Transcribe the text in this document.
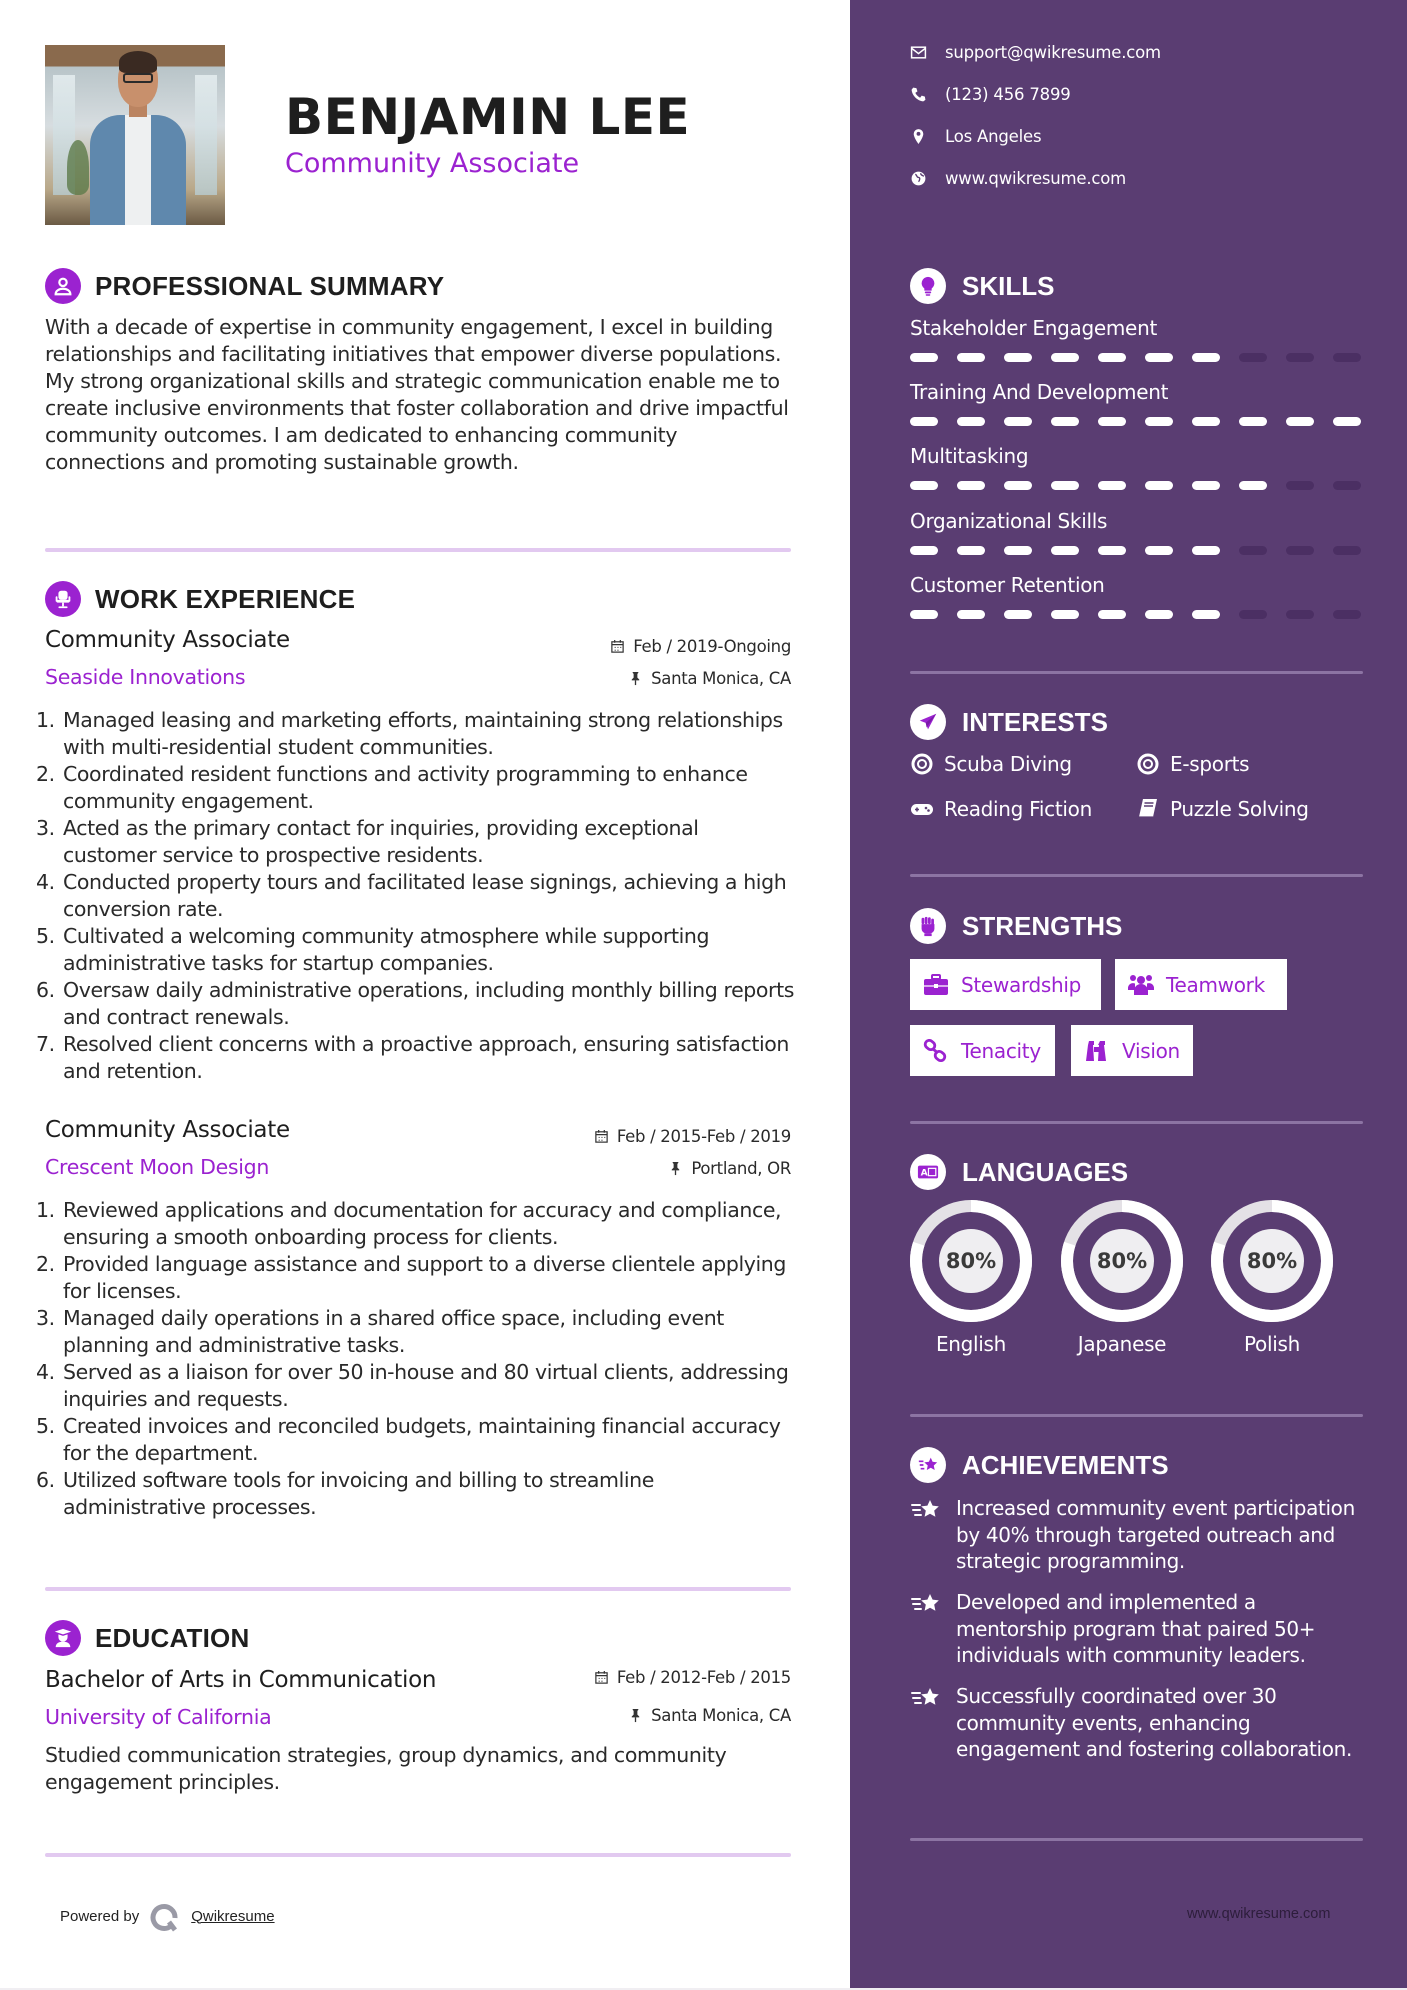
BENJAMIN LEE
Community Associate
PROFESSIONAL SUMMARY
With a decade of expertise in community engagement, I excel in building relationships and facilitating initiatives that empower diverse populations. My strong organizational skills and strategic communication enable me to create inclusive environments that foster collaboration and drive impactful community outcomes. I am dedicated to enhancing community connections and promoting sustainable growth.
WORK EXPERIENCE
Community Associate	Feb / 2019-Ongoing
Seaside Innovations	Santa Monica, CA
1. Managed leasing and marketing efforts, maintaining strong relationships with multi-residential student communities.
2. Coordinated resident functions and activity programming to enhance community engagement.
3. Acted as the primary contact for inquiries, providing exceptional customer service to prospective residents.
4. Conducted property tours and facilitated lease signings, achieving a high conversion rate.
5. Cultivated a welcoming community atmosphere while supporting administrative tasks for startup companies.
6. Oversaw daily administrative operations, including monthly billing reports and contract renewals.
7. Resolved client concerns with a proactive approach, ensuring satisfaction and retention.
Community Associate	Feb / 2015-Feb / 2019
Crescent Moon Design	Portland, OR
1. Reviewed applications and documentation for accuracy and compliance, ensuring a smooth onboarding process for clients.
2. Provided language assistance and support to a diverse clientele applying for licenses.
3. Managed daily operations in a shared office space, including event planning and administrative tasks.
4. Served as a liaison for over 50 in-house and 80 virtual clients, addressing inquiries and requests.
5. Created invoices and reconciled budgets, maintaining financial accuracy for the department.
6. Utilized software tools for invoicing and billing to streamline administrative processes.
EDUCATION
Bachelor of Arts in Communication	Feb / 2012-Feb / 2015
University of California	Santa Monica, CA
Studied communication strategies, group dynamics, and community engagement principles.
Powered by	Qwikresume
support@qwikresume.com
(123) 456 7899
Los Angeles
www.qwikresume.com
SKILLS
Stakeholder Engagement
Training And Development
Multitasking
Organizational Skills
Customer Retention
INTERESTS
Scuba Diving	E-sports
Reading Fiction	Puzzle Solving
STRENGTHS
Stewardship	Teamwork
Tenacity	Vision
A LANGUAGES
80%
English
80%
Japanese
80%
Polish
ACHIEVEMENTS
Increased community event participation by 40% through targeted outreach and strategic programming.
Developed and implemented a mentorship program that paired 50+ individuals with community leaders.
Successfully coordinated over 30 community events, enhancing engagement and fostering collaboration.
www.qwikresume.com
